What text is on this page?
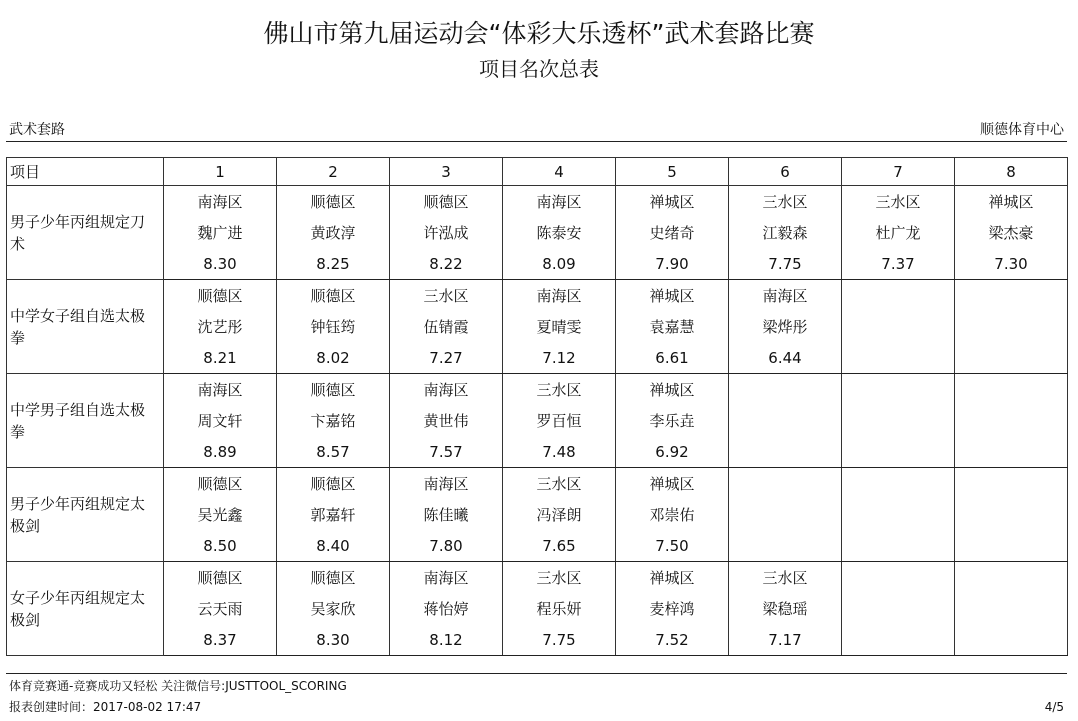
佛山市第九届运动会“体彩大乐透杯”武术套路比赛
项目名次总表
武术套路	顺德体育中心
项目	1	2	3	4	5	6	7	8
男子少年丙组规定刀术	南海区	顺德区	顺德区	南海区	禅城区	三水区	三水区	禅城区
	魏广进	黄政淳	许泓成	陈泰安	史绪奇	江毅森	杜广龙	梁杰豪
	8.30	8.25	8.22	8.09	7.90	7.75	7.37	7.30
中学女子组自选太极拳	顺德区	顺德区	三水区	南海区	禅城区	南海区		
	沈艺彤	钟钰筠	伍锖霞	夏晴雯	袁嘉慧	梁烨彤		
	8.21	8.02	7.27	7.12	6.61	6.44		
中学男子组自选太极拳	南海区	顺德区	南海区	三水区	禅城区			
	周文轩	卞嘉铭	黄世伟	罗百恒	李乐垚			
	8.89	8.57	7.57	7.48	6.92			
男子少年丙组规定太极剑	顺德区	顺德区	南海区	三水区	禅城区			
	吴光鑫	郭嘉轩	陈佳曦	冯泽朗	邓崇佑			
	8.50	8.40	7.80	7.65	7.50			
女子少年丙组规定太极剑	顺德区	顺德区	南海区	三水区	禅城区	三水区		
	云天雨	吴家欣	蒋怡婷	程乐妍	麦梓鸿	梁稳瑶		
	8.37	8.30	8.12	7.75	7.52	7.17		
体育竞赛通-竞赛成功又轻松 关注微信号:JUSTTOOL_SCORING
报表创建时间：2017-08-02 17:47	4/5
